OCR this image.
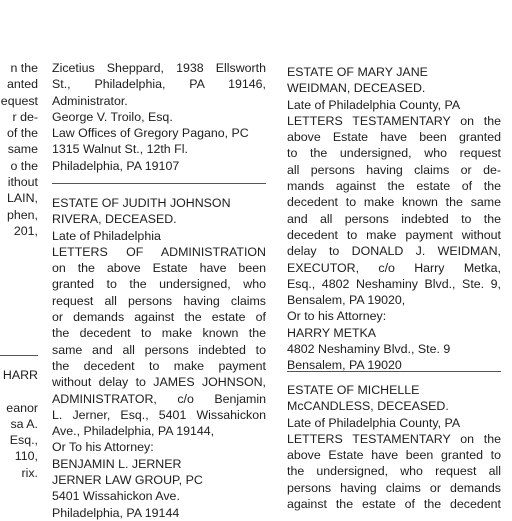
n the
anted
equest
r de-
of the
same
o the
ithout
LAIN,
phen,
201,
HARR
eanor
sa A.
Esq.,
110,
rix.

Zicetius Sheppard, 1938 Ellsworth

St., Philadelphia, PA 19146,

Administrator.

George V. Troilo, Esq.

Law Offices of Gregory Pagano, PC

1315 Walnut St., 12th Fl.

Philadelphia, PA 19107

ESTATE OF JUDITH JOHNSON

RIVERA, DECEASED.

Late of Philadelphia

LETTERS OF ADMINISTRATION

on the above Estate have been

granted to the undersigned, who

request all persons having claims

or demands against the estate of

the decedent to make known the

same and all persons indebted to

the decedent to make payment

without delay to JAMES JOHNSON,

ADMINISTRATOR, c/o Benjamin

L. Jerner, Esq., 5401 Wissahickon

Ave., Philadelphia, PA 19144,

Or To his Attorney:

BENJAMIN L. JERNER

JERNER LAW GROUP, PC

5401 Wissahickon Ave.

Philadelphia, PA 19144

ESTATE OF MARY JANE

WEIDMAN, DECEASED.

Late of Philadelphia County, PA

LETTERS TESTAMENTARY on the

above Estate have been granted

to the undersigned, who request

all persons having claims or de-

mands against the estate of the

decedent to make known the same

and all persons indebted to the

decedent to make payment without

delay to DONALD J. WEIDMAN,

EXECUTOR, c/o Harry Metka,

Esq., 4802 Neshaminy Blvd., Ste. 9,

Bensalem, PA 19020,

Or to his Attorney:

HARRY METKA

4802 Neshaminy Blvd., Ste. 9

Bensalem, PA 19020

ESTATE OF MICHELLE

McCANDLESS, DECEASED.

Late of Philadelphia County, PA

LETTERS TESTAMENTARY on the

above Estate have been granted to

the undersigned, who request all

persons having claims or demands

against the estate of the decedent
